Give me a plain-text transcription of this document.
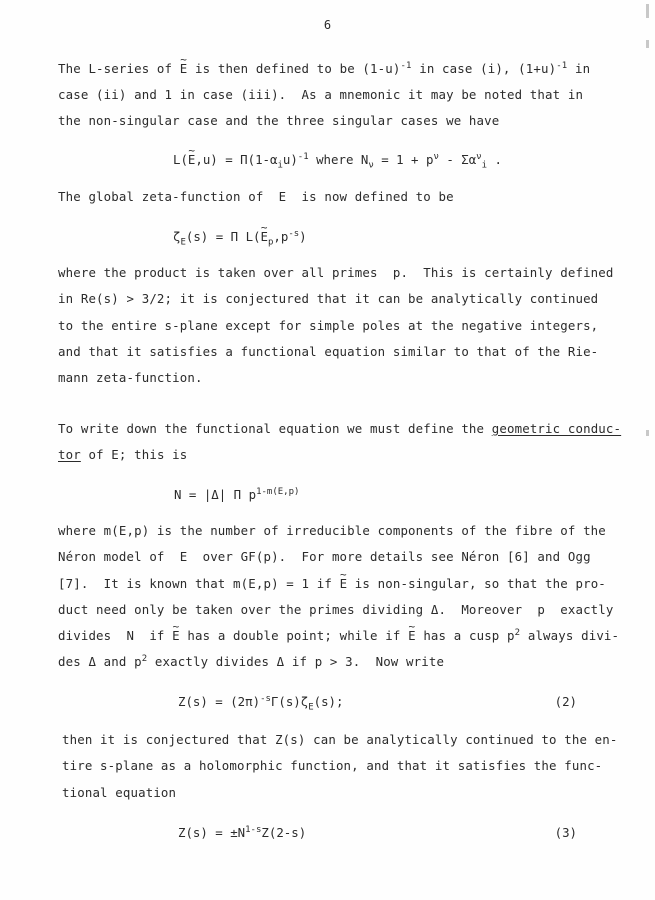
6
The L-series of ~ E is then defined to be $(1-u)^{-1}$ in case (i), $(1+u)^{-1}$ in
case (ii) and 1 in case (iii).  As a mnemonic it may be noted that in
the non-singular case and the three singular cases we have
L(~ $E,u) = \Pi(1-\alpha_iu)^{-1}$ where $N_\nu = 1 + p^\nu - \Sigma\alpha^\nu_i$ .
The global zeta-function of  E  is now defined to be
$\zeta_E(s) = \Pi$ L(~ $E_p,p^{-s}$)
where the product is taken over all primes  p.  This is certainly defined
in Re(s) > 3/2; it is conjectured that it can be analytically continued
to the entire s-plane except for simple poles at the negative integers,
and that it satisfies a functional equation similar to that of the Rie-
mann zeta-function.
To write down the functional equation we must define the geometric conduc-
tor of E; this is
N = |Δ| Π $p^{1-m(E,p)}$
where m(E,p) is the number of irreducible components of the fibre of the
Néron model of  E  over GF(p).  For more details see Néron [6] and Ogg
[7].  It is known that m(E,p) = 1 if ~ E is non-singular, so that the pro-
duct need only be taken over the primes dividing Δ.  Moreover  p  exactly
divides  N  if ~ E has a double point; while if ~ E has a cusp $p^2$ always divi-
des Δ and $p^2$ exactly divides Δ if p > 3.  Now write
$Z(s) = (2\pi)^{-s}\Gamma(s)\zeta_E(s)$;	(2)
then it is conjectured that Z(s) can be analytically continued to the en-
tire s-plane as a holomorphic function, and that it satisfies the func-
tional equation
$Z(s) = \pm N^{1-s}Z(2-s)$	(3)
